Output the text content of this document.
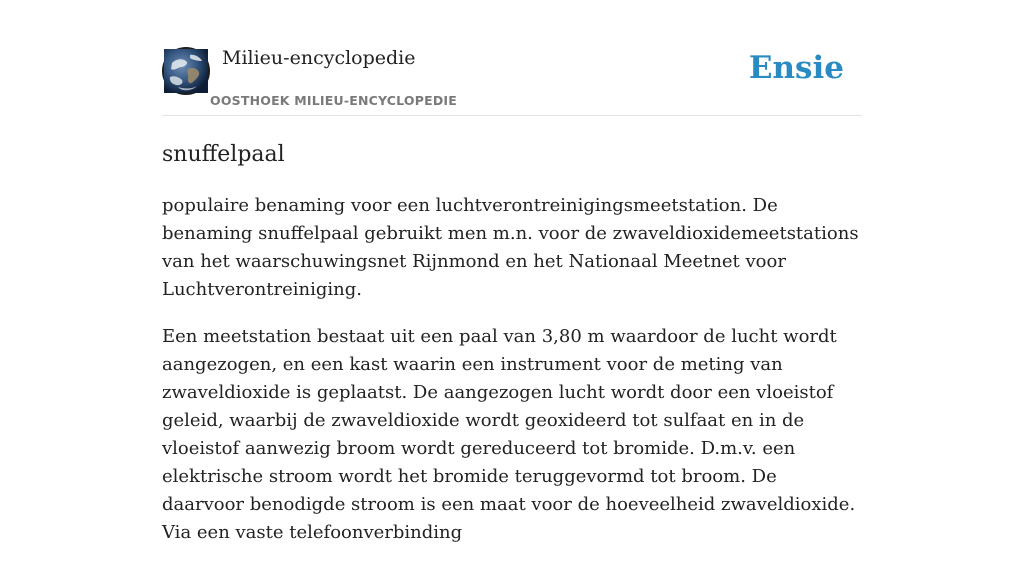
Milieu-encyclopedie
OOSTHOEK MILIEU-ENCYCLOPEDIE
Ensie
snuffelpaal

populaire benaming voor een luchtverontreinigingsmeetstation. De benaming snuffelpaal gebruikt men m.n. voor de zwaveldioxidemeetstations van het waarschuwingsnet Rijnmond en het Nationaal Meetnet voor Luchtverontreiniging.

Een meetstation bestaat uit een paal van 3,80 m waardoor de lucht wordt aangezogen, en een kast waarin een instrument voor de meting van zwaveldioxide is geplaatst. De aangezogen lucht wordt door een vloeistof geleid, waarbij de zwaveldioxide wordt geoxideerd tot sulfaat en in de vloeistof aanwezig broom wordt gereduceerd tot bromide. D.m.v. een elektrische stroom wordt het bromide teruggevormd tot broom. De daarvoor benodigde stroom is een maat voor de hoeveelheid zwaveldioxide. Via een vaste telefoonverbinding
